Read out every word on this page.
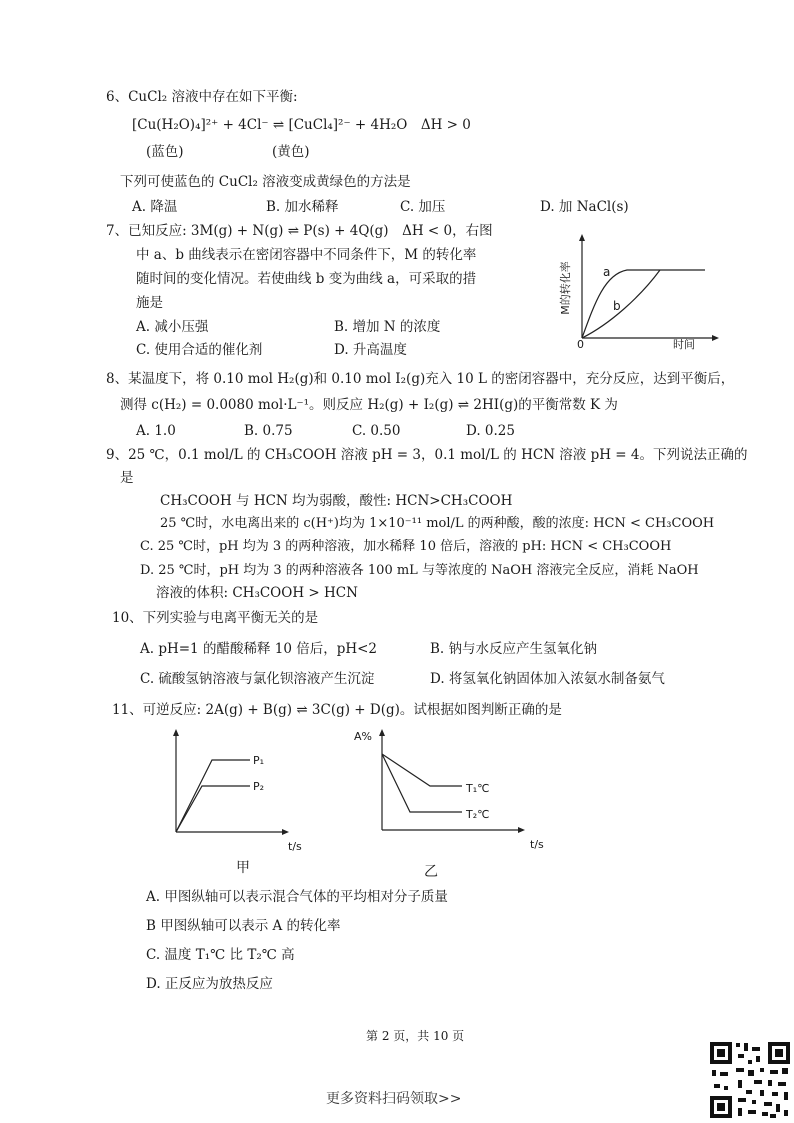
6、CuCl₂ 溶液中存在如下平衡:
[Cu(H₂O)₄]²⁺ + 4Cl⁻ ⇌ [CuCl₄]²⁻ + 4H₂O　ΔH > 0
(蓝色)	(黄色)
下列可使蓝色的 CuCl₂ 溶液变成黄绿色的方法是
A. 降温	B. 加水稀释	C. 加压	D. 加 NaCl(s)
7、已知反应: 3M(g) + N(g) ⇌ P(s) + 4Q(g)　ΔH < 0，右图
中 a、b 曲线表示在密闭容器中不同条件下，M 的转化率
随时间的变化情况。若使曲线 b 变为曲线 a，可采取的措
施是
A. 减小压强	B. 增加 N 的浓度
C. 使用合适的催化剂	D. 升高温度
a
b
0	时间
M的转化率
8、某温度下，将 0.10 mol H₂(g)和 0.10 mol I₂(g)充入 10 L 的密闭容器中，充分反应，达到平衡后，
测得 c(H₂) = 0.0080 mol·L⁻¹。则反应 H₂(g) + I₂(g) ⇌ 2HI(g)的平衡常数 K 为
A. 1.0	B. 0.75	C. 0.50	D. 0.25
9、25 ℃，0.1 mol/L 的 CH₃COOH 溶液 pH = 3，0.1 mol/L 的 HCN 溶液 pH = 4。下列说法正确的
是
CH₃COOH 与 HCN 均为弱酸，酸性: HCN>CH₃COOH
25 ℃时，水电离出来的 c(H⁺)均为 1×10⁻¹¹ mol/L 的两种酸，酸的浓度: HCN < CH₃COOH
C. 25 ℃时，pH 均为 3 的两种溶液，加水稀释 10 倍后，溶液的 pH: HCN < CH₃COOH
D. 25 ℃时，pH 均为 3 的两种溶液各 100 mL 与等浓度的 NaOH 溶液完全反应，消耗 NaOH
溶液的体积: CH₃COOH > HCN
10、下列实验与电离平衡无关的是
A. pH=1 的醋酸稀释 10 倍后，pH<2	B. 钠与水反应产生氢氧化钠
C. 硫酸氢钠溶液与氯化钡溶液产生沉淀	D. 将氢氧化钠固体加入浓氨水制备氨气
11、可逆反应: 2A(g) + B(g) ⇌ 3C(g) + D(g)。试根据如图判断正确的是
P₁
P₂
t/s
甲
A%
T₁℃
T₂℃
t/s
乙
A. 甲图纵轴可以表示混合气体的平均相对分子质量
B 甲图纵轴可以表示 A 的转化率
C. 温度 T₁℃ 比 T₂℃ 高
D. 正反应为放热反应
第 2 页，共 10 页
更多资料扫码领取>>
